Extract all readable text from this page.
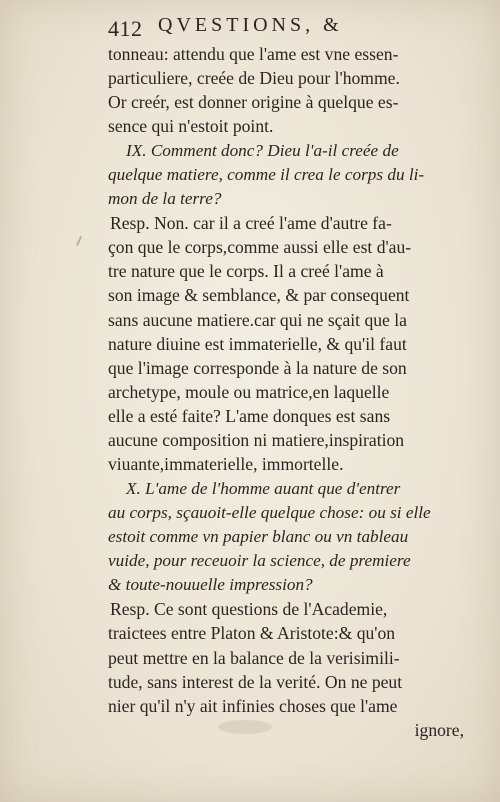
412 QVESTIONS, &
tonneau: attendu que l'ame est vne essen-
particuliere, creée de Dieu pour l'homme.
Or creér, est donner origine à quelque es-
sence qui n'estoit point.
IX. Comment donc? Dieu l'a-il creée de
quelque matiere, comme il crea le corps du li-
mon de la terre?
Resp. Non. car il a creé l'ame d'autre fa-
çon que le corps,comme aussi elle est d'au-
tre nature que le corps. Il a creé l'ame à
son image & semblance, & par consequent
sans aucune matiere.car qui ne sçait que la
nature diuine est immaterielle, & qu'il faut
que l'image corresponde à la nature de son
archetype, moule ou matrice,en laquelle
elle a esté faite? L'ame donques est sans
aucune composition ni matiere,inspiration
viuante,immaterielle, immortelle.
X. L'ame de l'homme auant que d'entrer
au corps, sçauoit-elle quelque chose: ou si elle
estoit comme vn papier blanc ou vn tableau
vuide, pour receuoir la science, de premiere
& toute-nouuelle impression?
Resp. Ce sont questions de l'Academie,
traictees entre Platon & Aristote:& qu'on
peut mettre en la balance de la verisimili-
tude, sans interest de la verité. On ne peut
nier qu'il n'y ait infinies choses que l'ame
ignore,
